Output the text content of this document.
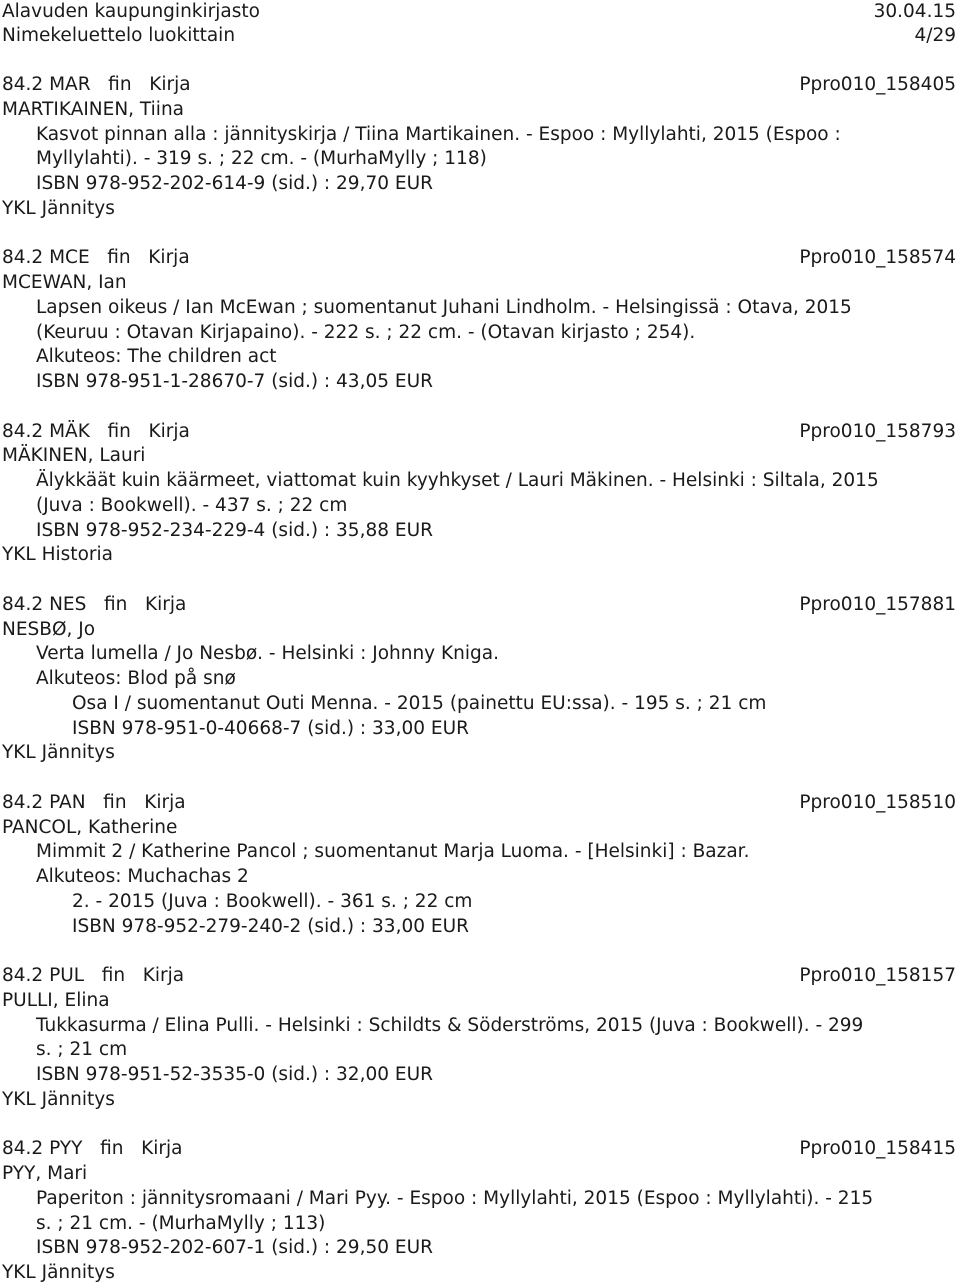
Alavuden kaupunginkirjasto	30.04.15
Nimekeluettelo luokittain	4/29
84.2 MAR   fin   Kirja	Ppro010_158405
MARTIKAINEN, Tiina
Kasvot pinnan alla : jännityskirja / Tiina Martikainen. - Espoo : Myllylahti, 2015 (Espoo :
Myllylahti). - 319 s. ; 22 cm. - (MurhaMylly ; 118)
ISBN 978-952-202-614-9 (sid.) : 29,70 EUR
YKL Jännitys
84.2 MCE   fin   Kirja	Ppro010_158574
MCEWAN, Ian
Lapsen oikeus / Ian McEwan ; suomentanut Juhani Lindholm. - Helsingissä : Otava, 2015
(Keuruu : Otavan Kirjapaino). - 222 s. ; 22 cm. - (Otavan kirjasto ; 254).
Alkuteos: The children act
ISBN 978-951-1-28670-7 (sid.) : 43,05 EUR
84.2 MÄK   fin   Kirja	Ppro010_158793
MÄKINEN, Lauri
Älykkäät kuin käärmeet, viattomat kuin kyyhkyset / Lauri Mäkinen. - Helsinki : Siltala, 2015
(Juva : Bookwell). - 437 s. ; 22 cm
ISBN 978-952-234-229-4 (sid.) : 35,88 EUR
YKL Historia
84.2 NES   fin   Kirja	Ppro010_157881
NESBØ, Jo
Verta lumella / Jo Nesbø. - Helsinki : Johnny Kniga.
Alkuteos: Blod på snø
Osa I / suomentanut Outi Menna. - 2015 (painettu EU:ssa). - 195 s. ; 21 cm
ISBN 978-951-0-40668-7 (sid.) : 33,00 EUR
YKL Jännitys
84.2 PAN   fin   Kirja	Ppro010_158510
PANCOL, Katherine
Mimmit 2 / Katherine Pancol ; suomentanut Marja Luoma. - [Helsinki] : Bazar.
Alkuteos: Muchachas 2
2. - 2015 (Juva : Bookwell). - 361 s. ; 22 cm
ISBN 978-952-279-240-2 (sid.) : 33,00 EUR
84.2 PUL   fin   Kirja	Ppro010_158157
PULLI, Elina
Tukkasurma / Elina Pulli. - Helsinki : Schildts & Söderströms, 2015 (Juva : Bookwell). - 299
s. ; 21 cm
ISBN 978-951-52-3535-0 (sid.) : 32,00 EUR
YKL Jännitys
84.2 PYY   fin   Kirja	Ppro010_158415
PYY, Mari
Paperiton : jännitysromaani / Mari Pyy. - Espoo : Myllylahti, 2015 (Espoo : Myllylahti). - 215
s. ; 21 cm. - (MurhaMylly ; 113)
ISBN 978-952-202-607-1 (sid.) : 29,50 EUR
YKL Jännitys
